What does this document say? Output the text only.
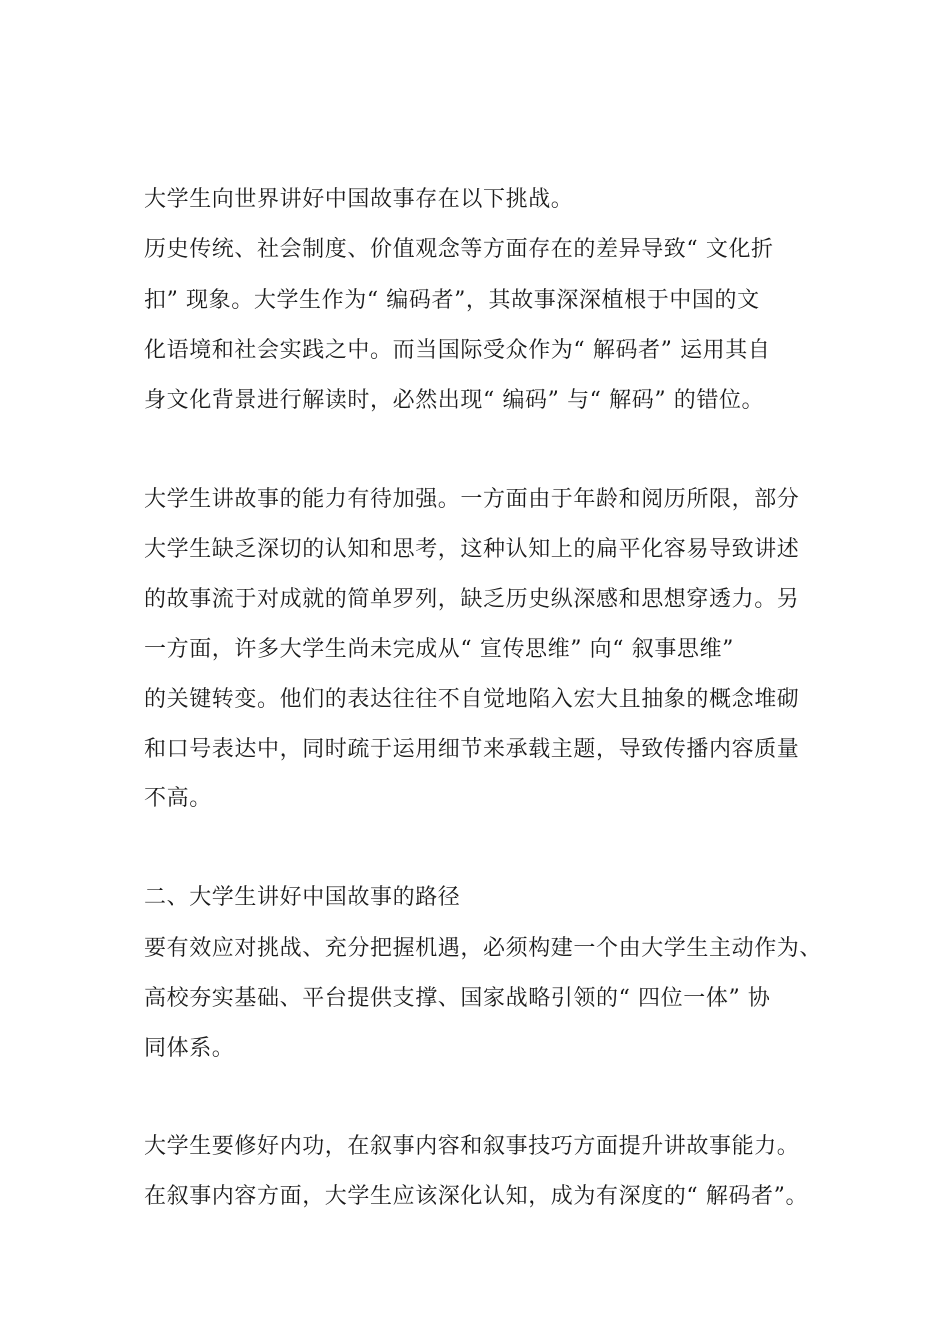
大学生向世界讲好中国故事存在以下挑战。

历史传统、社会制度、价值观念等方面存在的差异导致“ 文化折

扣” 现象。大学生作为“ 编码者”，其故事深深植根于中国的文

化语境和社会实践之中。而当国际受众作为“ 解码者” 运用其自

身文化背景进行解读时，必然出现“ 编码” 与“ 解码” 的错位。

大学生讲故事的能力有待加强。一方面由于年龄和阅历所限，部分

大学生缺乏深切的认知和思考，这种认知上的扁平化容易导致讲述

的故事流于对成就的简单罗列，缺乏历史纵深感和思想穿透力。另

一方面，许多大学生尚未完成从“ 宣传思维” 向“ 叙事思维”

的关键转变。他们的表达往往不自觉地陷入宏大且抽象的概念堆砌

和口号表达中，同时疏于运用细节来承载主题，导致传播内容质量

不高。

二、大学生讲好中国故事的路径

要有效应对挑战、充分把握机遇，必须构建一个由大学生主动作为、

高校夯实基础、平台提供支撑、国家战略引领的“ 四位一体” 协

同体系。

大学生要修好内功，在叙事内容和叙事技巧方面提升讲故事能力。

在叙事内容方面，大学生应该深化认知，成为有深度的“ 解码者”。
